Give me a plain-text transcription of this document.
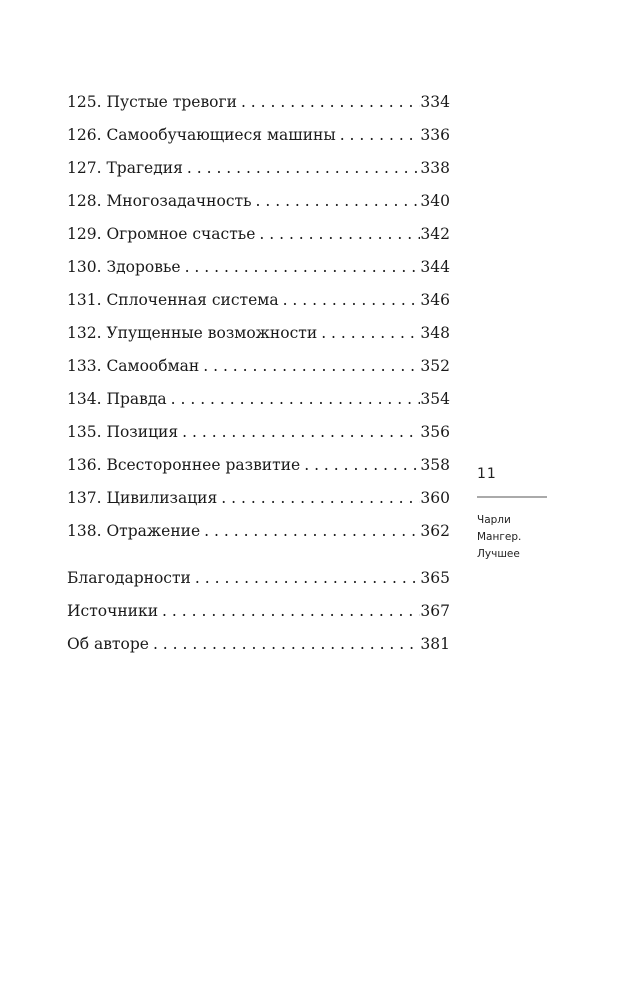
125. Пустые тревоги . . .	334
126. Самообучающиеся машины . . .	336
127. Трагедия . . .	338
128. Многозадачность . . .	340
129. Огромное счастье . . .	342
130. Здоровье . . .	344
131. Сплоченная система . . .	346
132. Упущенные возможности . . .	348
133. Самообман . . .	352
134. Правда . . .	354
135. Позиция . . .	356
136. Всестороннее развитие . . .	358
137. Цивилизация . . .	360
138. Отражение . . .	362
Благодарности . . .	365
Источники . . .	367
Об авторе . . .	381
11
Чарли
Мангер.
Лучшее
